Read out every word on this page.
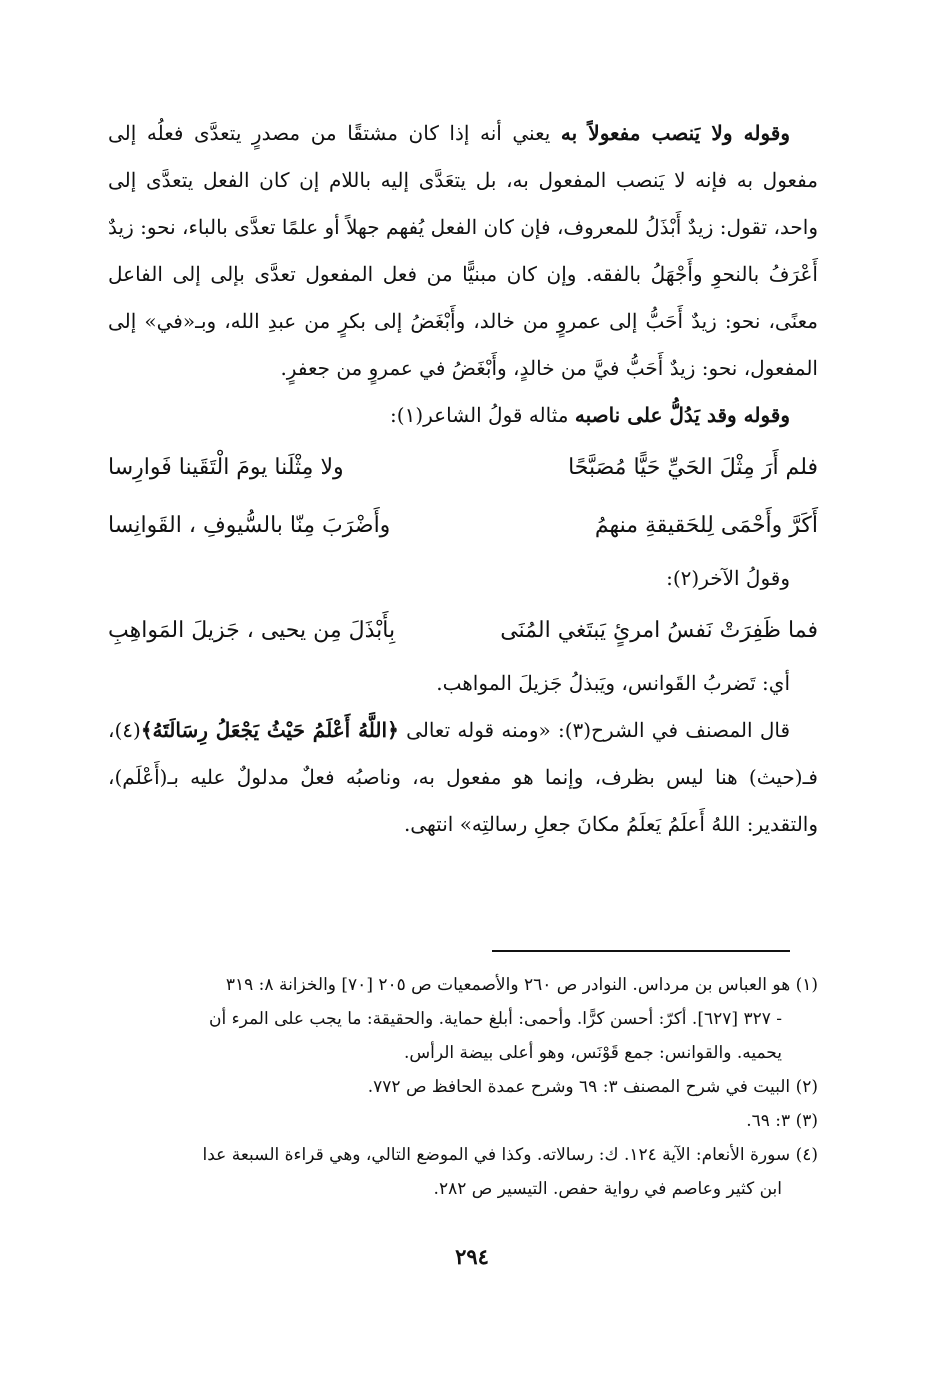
وقوله ولا يَنصب مفعولاً به يعني أنه إذا كان مشتقًا من مصدرٍ يتعدَّى فعلُه إلى مفعول به فإنه لا يَنصب المفعول به، بل يتعَدَّى إليه باللام إن كان الفعل يتعدَّى إلى واحد، تقول: زيدٌ أَبْذَلُ للمعروف، فإن كان الفعل يُفهم جهلاً أو علمًا تعدَّى بالباء، نحو: زيدٌ أَعْرَفُ بالنحوِ وأَجْهَلُ بالفقه. وإن كان مبنيًّا من فعل المفعول تعدَّى بإلى إلى الفاعل معنًى، نحو: زيدٌ أَحَبُّ إلى عمروٍ من خالد، وأَبْغَضُ إلى بكرٍ من عبدِ الله، وبـ«في» إلى المفعول، نحو: زيدٌ أَحَبُّ فيَّ من خالدٍ، وأَبْغَضُ في عمروٍ من جعفرٍ.

وقوله وقد يَدُلُّ على ناصبه مثاله قولُ الشاعر(١):

فلم أَرَ مِثْلَ الحَيِّ حَيًّا مُصَبَّحًا
ولا مِثْلَنا يومَ الْتَقَينا فَوارِسا
أَكَرَّ وأَحْمَى لِلحَقيقةِ منهمُ
وأَضْرَبَ مِنّا بالسُّيوفِ ، القَوانِسا

وقولُ الآخر(٢):

فما ظَفِرَتْ نَفسُ امرئٍ يَبتَغي المُنَى
بِأَبْذَلَ مِن يحيى ، جَزيلَ المَواهِبِ

أي: تَضربُ القَوانس، ويَبذلُ جَزيلَ المواهب.

قال المصنف في الشرح(٣): «ومنه قوله تعالى ﴿اللَّهُ أَعْلَمُ حَيْثُ يَجْعَلُ رِسَالَتَهُ﴾(٤)، فـ(حيث) هنا ليس بظرف، وإنما هو مفعول به، وناصبُه فعلٌ مدلولٌ عليه بـ(أَعْلَم)، والتقدير: اللهُ أَعلَمُ يَعلَمُ مكانَ جعلِ رسالتِه» انتهى.

(١) هو العباس بن مرداس. النوادر ص ٢٦٠ والأصمعيات ص ٢٠٥ [٧٠] والخزانة ٨: ٣١٩

- ٣٢٧ [٦٢٧]. أكرّ: أحسن كرًّا. وأحمى: أبلغ حماية. والحقيقة: ما يجب على المرء أن

يحميه. والقوانس: جمع قَوْنَس، وهو أعلى بيضة الرأس.

(٢) البيت في شرح المصنف ٣: ٦٩ وشرح عمدة الحافظ ص ٧٧٢.

(٣) ٣: ٦٩.

(٤) سورة الأنعام: الآية ١٢٤. ك: رسالاته. وكذا في الموضع التالي، وهي قراءة السبعة عدا

ابن كثير وعاصم في رواية حفص. التيسير ص ٢٨٢.

٢٩٤
